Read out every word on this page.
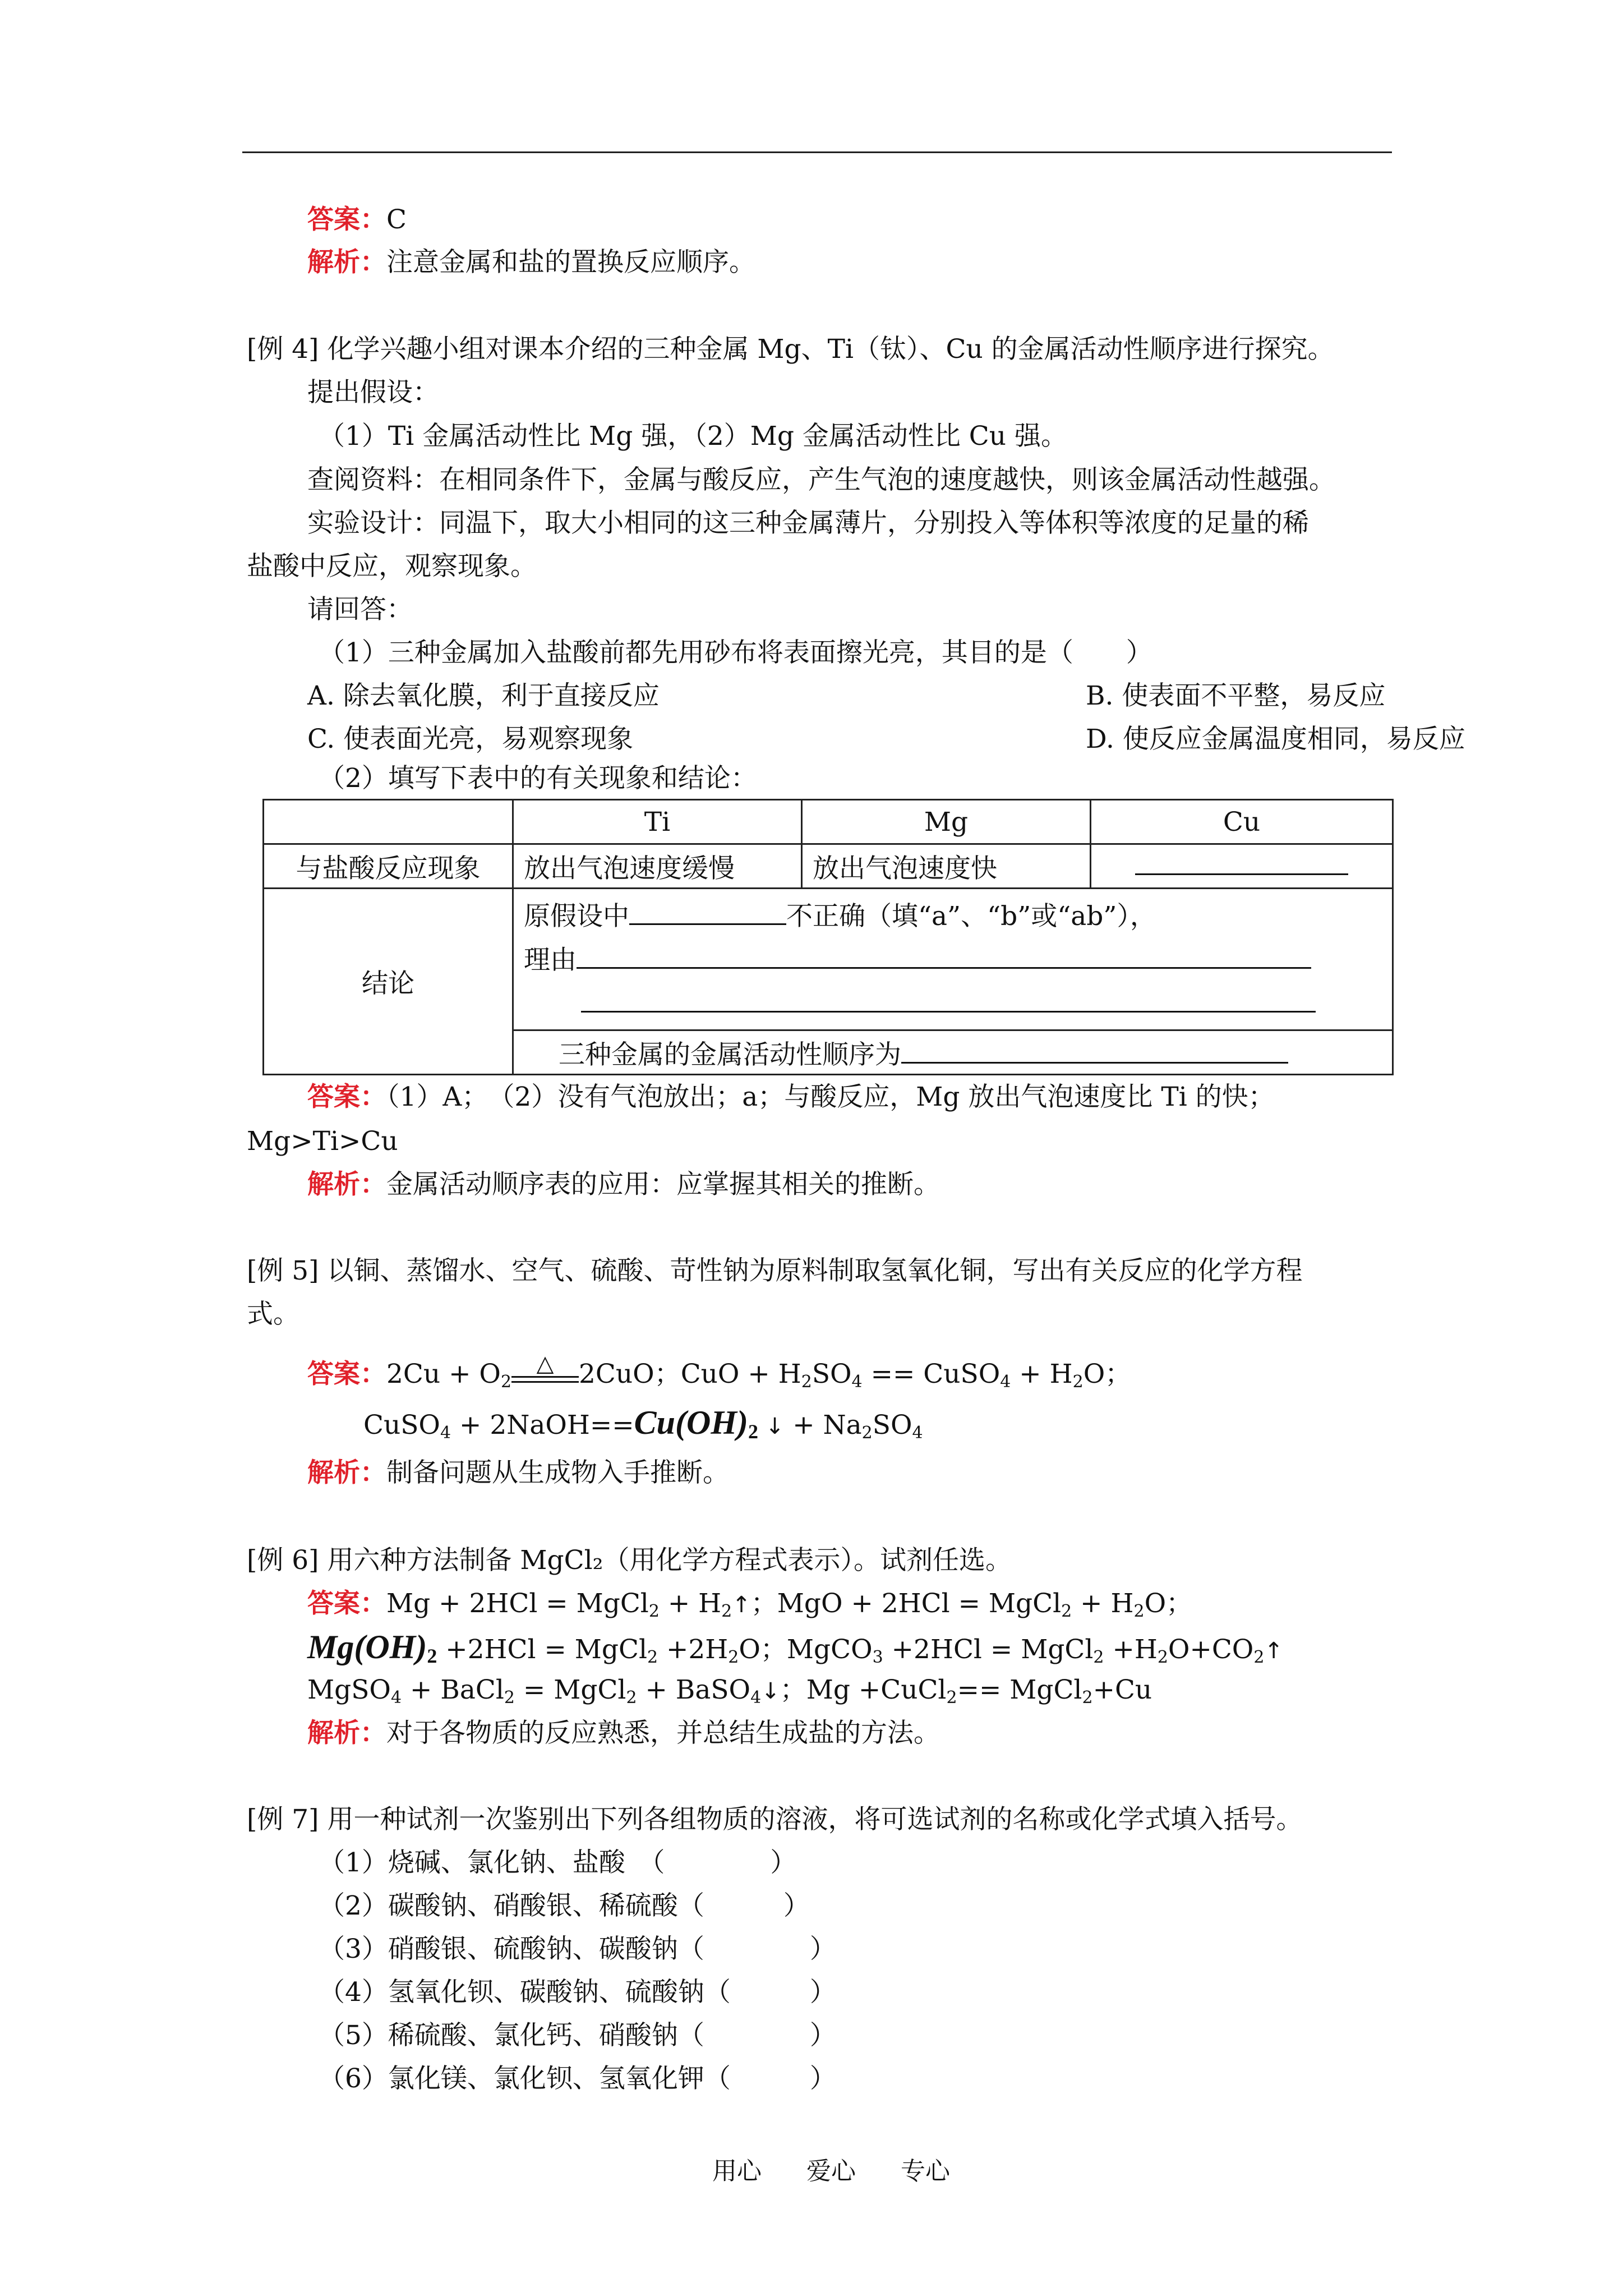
答案：C
解析：注意金属和盐的置换反应顺序。
[例 4] 化学兴趣小组对课本介绍的三种金属 Mg、Ti（钛）、Cu 的金属活动性顺序进行探究。
提出假设：
（1）Ti 金属活动性比 Mg 强，（2）Mg 金属活动性比 Cu 强。
查阅资料：在相同条件下，金属与酸反应，产生气泡的速度越快，则该金属活动性越强。
实验设计：同温下，取大小相同的这三种金属薄片，分别投入等体积等浓度的足量的稀
盐酸中反应，观察现象。
请回答：
（1）三种金属加入盐酸前都先用砂布将表面擦光亮，其目的是（　　）
A. 除去氧化膜，利于直接反应	B. 使表面不平整，易反应
C. 使表面光亮，易观察现象	D. 使反应金属温度相同，易反应
（2）填写下表中的有关现象和结论：
	Ti	Mg	Cu
与盐酸反应现象	放出气泡速度缓慢	放出气泡速度快	
结论	原假设中 不正确（填“a”、“b”或“ab”），
理由		

	三种金属的金属活动性顺序为		
答案：（1）A；　（2）没有气泡放出；a；与酸反应，Mg 放出气泡速度比 Ti 的快；
Mg>Ti>Cu
解析：金属活动顺序表的应用：应掌握其相关的推断。
[例 5] 以铜、蒸馏水、空气、硫酸、苛性钠为原料制取氢氧化铜，写出有关反应的化学方程
式。
答案：$2Cu + O_2$
△ 2CuO；CuO + $H_2SO_4$ == CuSO$_4$ + $H_2O$；
CuSO$_4$ + $2NaOH==Cu(OH)_2$ ↓ + $Na_2SO_4$
解析：制备问题从生成物入手推断。
[例 6] 用六种方法制备 MgCl₂（用化学方程式表示）。试剂任选。
答案：Mg + 2HCl = MgCl$_2$ + $H_2↑$；MgO + 2HCl = MgCl$_2$ + $H_2O$；
$Mg(OH)_2 +2HCl$ = MgCl$_2$ $+2H_2O$；MgCO$_3$ +2HCl = MgCl$_2$ $+H_2O+CO_2↑$
MgSO$_4$ + BaCl$_2$ = MgCl$_2$ + BaSO$_4$↓；Mg +CuCl$_2$== MgCl$_2$+Cu
解析：对于各物质的反应熟悉，并总结生成盐的方法。
[例 7] 用一种试剂一次鉴别出下列各组物质的溶液，将可选试剂的名称或化学式填入括号。
（1）烧碱、氯化钠、盐酸　（　　　　）
（2）碳酸钠、硝酸银、稀硫酸（　　　）
（3）硝酸银、硫酸钠、碳酸钠（　　　　）
（4）氢氧化钡、碳酸钠、硫酸钠（　　　）
（5）稀硫酸、氯化钙、硝酸钠（　　　　）
（6）氯化镁、氯化钡、氢氧化钾（　　　）
用心 爱心 专心
